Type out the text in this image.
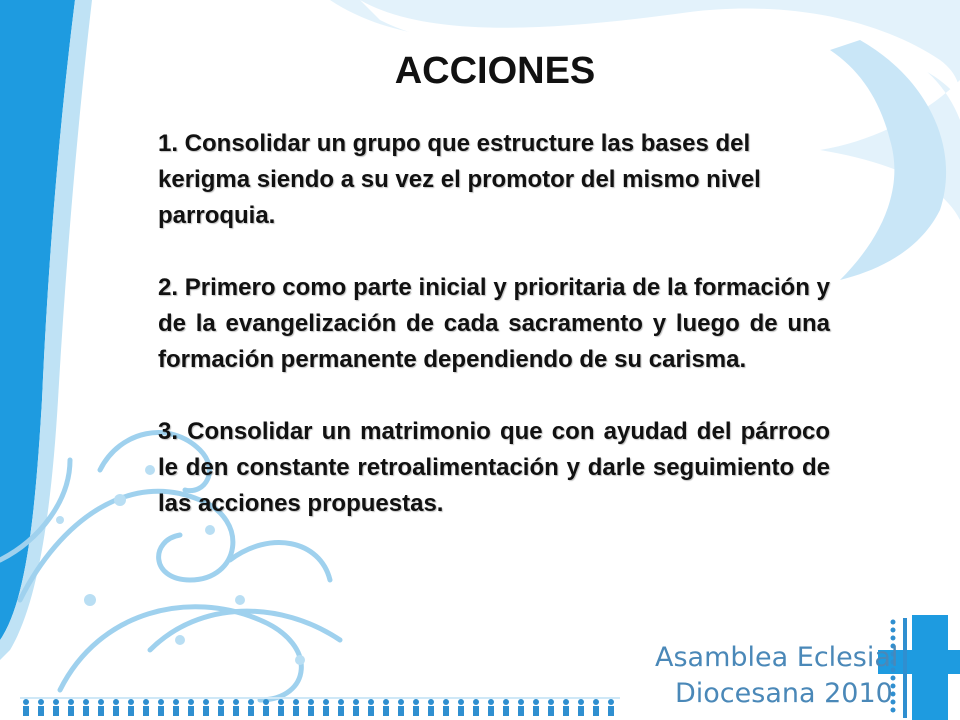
ACCIONES
1. Consolidar un grupo que estructure las bases del kerigma siendo a su vez el promotor del mismo nivel parroquia.
2. Primero como parte inicial y prioritaria de la formación y de la evangelización de cada sacramento y luego de una formación permanente dependiendo de su carisma.
3. Consolidar un matrimonio que con ayudad del párroco le den constante retroalimentación y darle seguimiento de las acciones propuestas.
Asamblea Eclesial
Diocesana 2010
